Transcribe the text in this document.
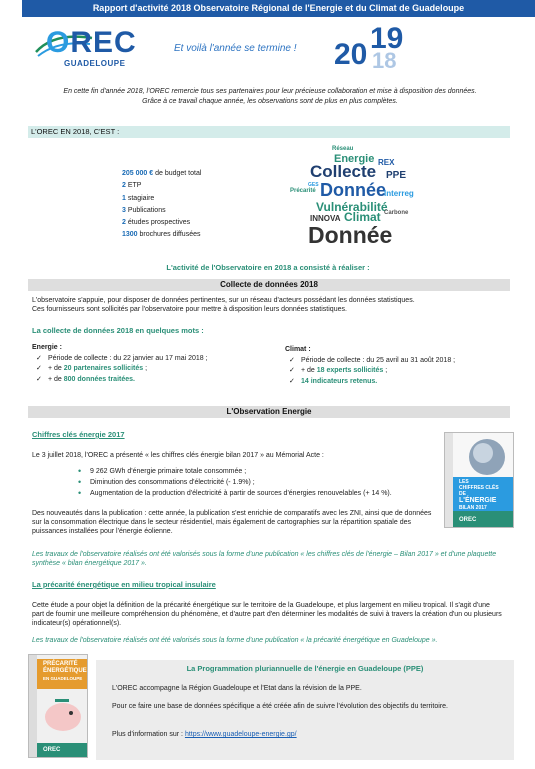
Rapport d'activité 2018 Observatoire Régional de l'Energie et du Climat de Guadeloupe
OREC
GUADELOUPE
Et voilà l'année se termine ! 20 19
18
En cette fin d'année 2018, l'OREC remercie tous ses partenaires pour leur précieuse collaboration et mise à disposition des données.
Grâce à ce travail chaque année, les observations sont de plus en plus complètes.
L'OREC EN 2018, C'EST :
205 000 € de budget total
2 ETP
1 stagiaire
3 Publications
2 études prospectives
1300 brochures diffusées
Réseau
Energie REX
Collecte PPE
GES
Précarité Donnée
Interreg
Vulnérabilité
INNOVA Climat Carbone
Donnée
L'activité de l'Observatoire en 2018 a consisté à réaliser :
Collecte de données 2018
L'observatoire s'appuie, pour disposer de données pertinentes, sur un réseau d'acteurs possédant les données statistiques.
Ces fournisseurs sont sollicités par l'observatoire pour mettre à disposition leurs données statistiques.
La collecte de données 2018 en quelques mots :
Energie :
✓ Période de collecte : du 22 janvier au 17 mai 2018 ;
✓ + de 20 partenaires sollicités ;
✓ + de 800 données traitées.
Climat :
✓ Période de collecte : du 25 avril au 31 août 2018 ;
✓ + de 18 experts sollicités ;
✓ 14 indicateurs retenus.
L'Observation Energie
Chiffres clés énergie 2017
Le 3 juillet 2018, l'OREC a présenté « les chiffres clés énergie bilan 2017 » au Mémorial Acte :
• 9 262 GWh d'énergie primaire totale consommée ;
• Diminution des consommations d'électricité (- 1.9%) ;
• Augmentation de la production d'électricité à partir de sources d'énergies renouvelables (+ 14 %).
Des nouveautés dans la publication : cette année, la publication s'est enrichie de comparatifs avec les ZNI, ainsi que de données sur la consommation électrique dans le secteur résidentiel, mais également de cartographies sur la répartition spatiale des puissances installées pour l'énergie éolienne.
Les travaux de l'observatoire réalisés ont été valorisés sous la forme d'une publication « les chiffres clés de l'énergie – Bilan 2017 » et d'une plaquette synthèse « bilan énergétique 2017 ».
La précarité énergétique en milieu tropical insulaire
Cette étude a pour objet la définition de la précarité énergétique sur le territoire de la Guadeloupe, et plus largement en milieu tropical. Il s'agit d'une part de fournir une meilleure compréhension du phénomène, et d'autre part d'en déterminer les modalités de suivi à travers la création d'un ou plusieurs indicateur(s) opérationnel(s).
Les travaux de l'observatoire réalisés ont été valorisés sous la forme d'une publication « la précarité énergétique en Guadeloupe ».
LES
CHIFFRES CLÉS
DE
L'ÉNERGIE
BILAN 2017
OREC
PRÉCARITÉ
ÉNERGÉTIQUE
EN GUADELOUPE
OREC
La Programmation pluriannuelle de l'énergie en Guadeloupe (PPE)
L'OREC accompagne la Région Guadeloupe et l'Etat dans la révision de la PPE.
Pour ce faire une base de données spécifique a été créée afin de suivre l'évolution des objectifs du territoire.
Plus d'information sur : https://www.guadeloupe-energie.gp/
